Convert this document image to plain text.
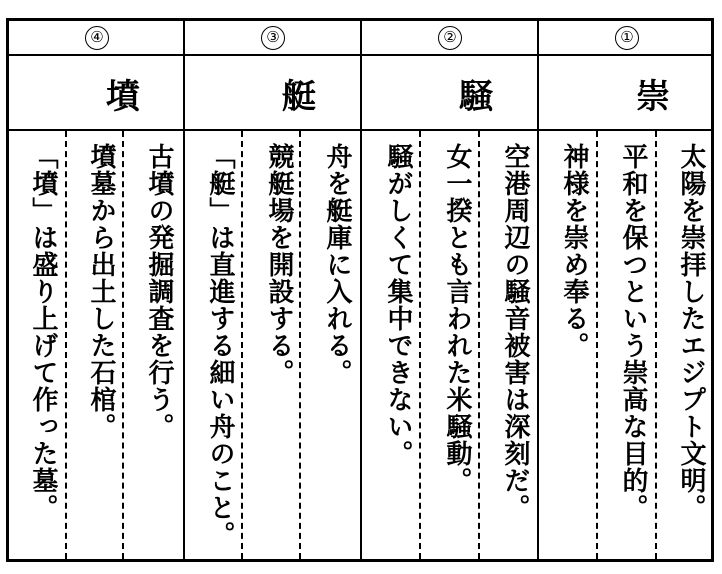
④
墳
古墳の発掘調査を行う。
墳墓から出土した石棺。
「墳」は盛り上げて作った墓。
③
艇
舟を艇庫に入れる。
競艇場を開設する。
「艇」は直進する細い舟のこと。
②
騒
空港周辺の騒音被害は深刻だ。
女一揆とも言われた米騒動。
騒がしくて集中できない。
①
崇
太陽を崇拝したエジプト文明。
平和を保つという崇高な目的。
神様を崇め奉る。
